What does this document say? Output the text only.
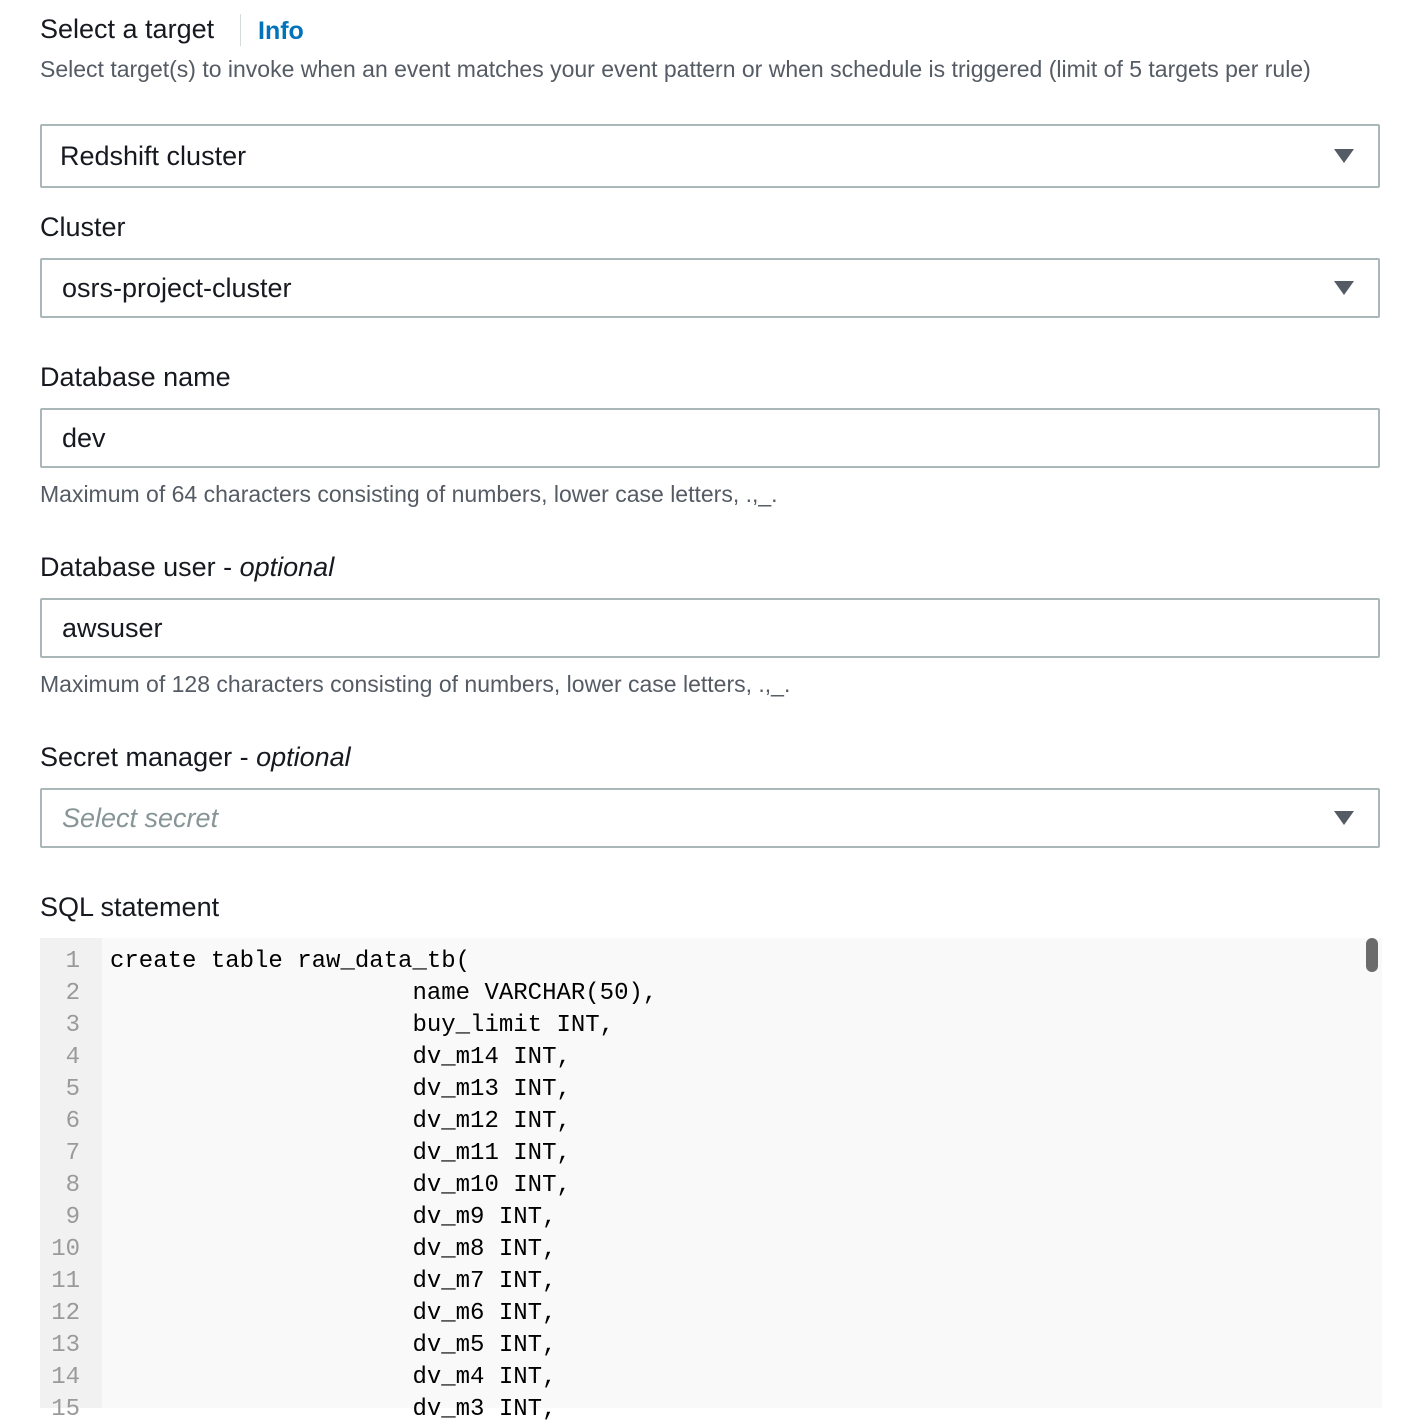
Select a target Info
Select target(s) to invoke when an event matches your event pattern or when schedule is triggered (limit of 5 targets per rule)
Redshift cluster
Cluster
osrs-project-cluster
Database name
dev
Maximum of 64 characters consisting of numbers, lower case letters, .,_.
Database user - optional
awsuser
Maximum of 128 characters consisting of numbers, lower case letters, .,_.
Secret manager - optional
Select secret
SQL statement
1 create table raw_data_tb(
2 name VARCHAR(50),
3 buy_limit INT,
4 dv_m14 INT,
5 dv_m13 INT,
6 dv_m12 INT,
7 dv_m11 INT,
8 dv_m10 INT,
9 dv_m9 INT,
10 dv_m8 INT,
11 dv_m7 INT,
12 dv_m6 INT,
13 dv_m5 INT,
14 dv_m4 INT,
15 dv_m3 INT,
